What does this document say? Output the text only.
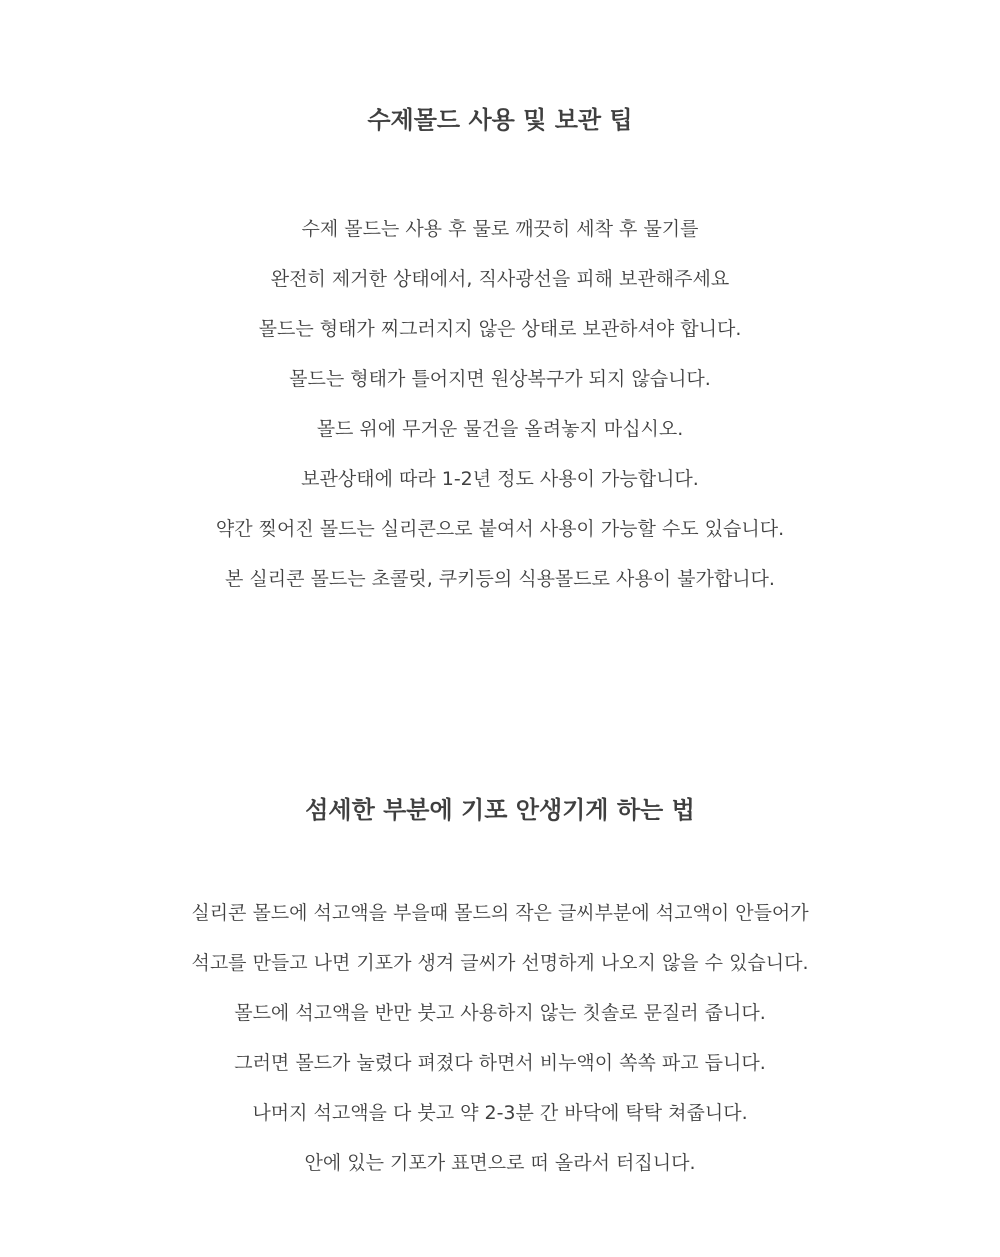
수제몰드 사용 및 보관 팁
수제 몰드는 사용 후 물로 깨끗히 세착 후 물기를
완전히 제거한 상태에서, 직사광선을 피해 보관해주세요
몰드는 형태가 찌그러지지 않은 상태로 보관하셔야 합니다.
몰드는 형태가 틀어지면 원상복구가 되지 않습니다.
몰드 위에 무거운 물건을 올려놓지 마십시오.
보관상태에 따라 1-2년 정도 사용이 가능합니다.
약간 찢어진 몰드는 실리콘으로 붙여서 사용이 가능할 수도 있습니다.
본 실리콘 몰드는 초콜릿, 쿠키등의 식용몰드로 사용이 불가합니다.
섬세한 부분에 기포 안생기게 하는 법
실리콘 몰드에 석고액을 부을때 몰드의 작은 글씨부분에 석고액이 안들어가
석고를 만들고 나면 기포가 생겨 글씨가 선명하게 나오지 않을 수 있습니다.
몰드에 석고액을 반만 붓고 사용하지 않는 칫솔로 문질러 줍니다.
그러면 몰드가 눌렸다 펴졌다 하면서 비누액이 쏙쏙 파고 듭니다.
나머지 석고액을 다 붓고 약 2-3분 간 바닥에 탁탁 쳐줍니다.
안에 있는 기포가 표면으로 떠 올라서 터집니다.
